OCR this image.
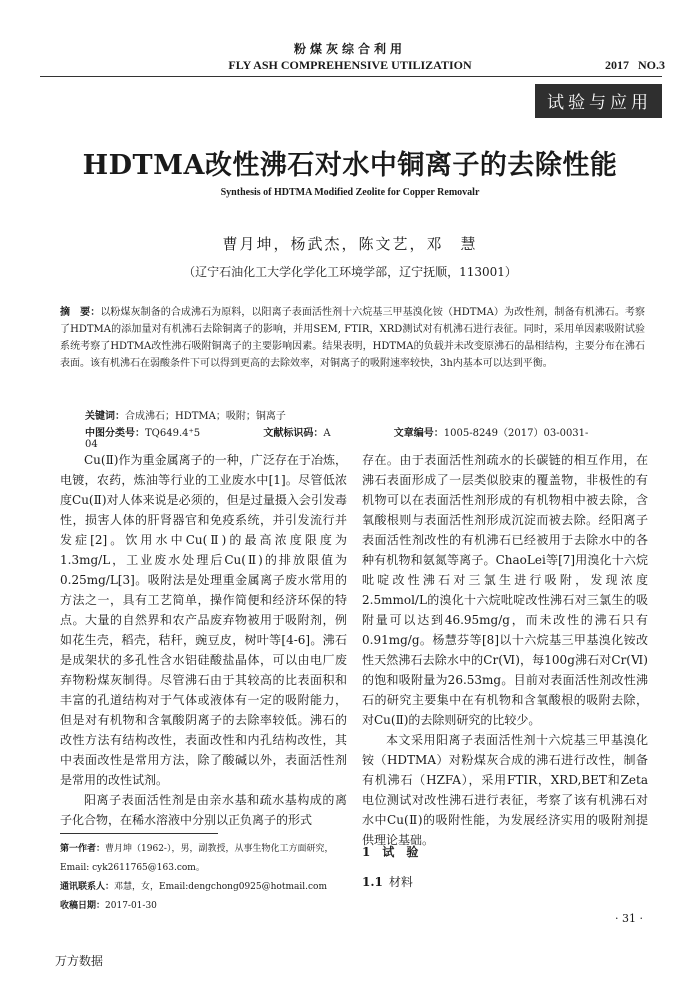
粉煤灰综合利用
FLY ASH COMPREHENSIVE UTILIZATION	2017 NO.3
试验与应用
HDTMA改性沸石对水中铜离子的去除性能
Synthesis of HDTMA Modified Zeolite for Copper Removalr
曹月坤，杨武杰，陈文艺，邓　慧
（辽宁石油化工大学化学化工环境学部，辽宁抚顺，113001）
摘　要：以粉煤灰制备的合成沸石为原料，以阳离子表面活性剂十六烷基三甲基溴化铵（HDTMA）为改性剂，制备有机沸石。考察了HDTMA的添加量对有机沸石去除铜离子的影响，并用SEM, FTIR，XRD测试对有机沸石进行表征。同时，采用单因素吸附试验系统考察了HDTMA改性沸石吸附铜离子的主要影响因素。结果表明，HDTMA的负载并未改变原沸石的晶相结构，主要分布在沸石表面。该有机沸石在弱酸条件下可以得到更高的去除效率，对铜离子的吸附速率较快，3h内基本可以达到平衡。
关键词：合成沸石；HDTMA；吸附；铜离子
中图分类号：TQ649.4⁺5	文献标识码：A	文章编号：1005-8249（2017）03-0031-04

Cu(Ⅱ)作为重金属离子的一种，广泛存在于冶炼，电镀，农药，炼油等行业的工业废水中[1]。尽管低浓度Cu(Ⅱ)对人体来说是必须的，但是过量摄入会引发毒性，损害人体的肝肾器官和免疫系统，并引发流行并发症[2]。饮用水中Cu(Ⅱ)的最高浓度限度为1.3mg/L，工业废水处理后Cu(Ⅱ)的排放限值为0.25mg/L[3]。吸附法是处理重金属离子废水常用的方法之一，具有工艺简单，操作简便和经济环保的特点。大量的自然界和农产品废弃物被用于吸附剂，例如花生壳，稻壳，秸秆，豌豆皮，树叶等[4-6]。沸石是成架状的多孔性含水铝硅酸盐晶体，可以由电厂废弃物粉煤灰制得。尽管沸石由于其较高的比表面积和丰富的孔道结构对于气体或液体有一定的吸附能力，但是对有机物和含氧酸阴离子的去除率较低。沸石的改性方法有结构改性，表面改性和内孔结构改性，其中表面改性是常用方法，除了酸碱以外，表面活性剂是常用的改性试剂。

阳离子表面活性剂是由亲水基和疏水基构成的离子化合物，在稀水溶液中分别以正负离子的形式

存在。由于表面活性剂疏水的长碳链的相互作用，在沸石表面形成了一层类似胶束的覆盖物，非极性的有机物可以在表面活性剂形成的有机物相中被去除，含氧酸根则与表面活性剂形成沉淀而被去除。经阳离子表面活性剂改性的有机沸石已经被用于去除水中的各种有机物和氨氮等离子。ChaoLei等[7]用溴化十六烷吡啶改性沸石对三氯生进行吸附，发现浓度2.5mmol/L的溴化十六烷吡啶改性沸石对三氯生的吸附量可以达到46.95mg/g，而未改性的沸石只有0.91mg/g。杨慧芬等[8]以十六烷基三甲基溴化铵改性天然沸石去除水中的Cr(Ⅵ)，每100g沸石对Cr(Ⅵ)的饱和吸附量为26.53mg。目前对表面活性剂改性沸石的研究主要集中在有机物和含氧酸根的吸附去除，对Cu(Ⅱ)的去除则研究的比较少。

本文采用阳离子表面活性剂十六烷基三甲基溴化铵（HDTMA）对粉煤灰合成的沸石进行改性，制备有机沸石（HZFA），采用FTIR，XRD,BET和Zeta电位测试对改性沸石进行表征，考察了该有机沸石对水中Cu(Ⅱ)的吸附性能，为发展经济实用的吸附剂提供理论基础。

第一作者：曹月坤（1962-），男，副教授，从事生物化工方面研究，Email: cyk2611765@163.com。
通讯联系人：邓慧，女，Email:dengchong0925@hotmail.com
收稿日期：2017-01-30
1　试　验
1.1 材料
· 31 ·
万方数据
